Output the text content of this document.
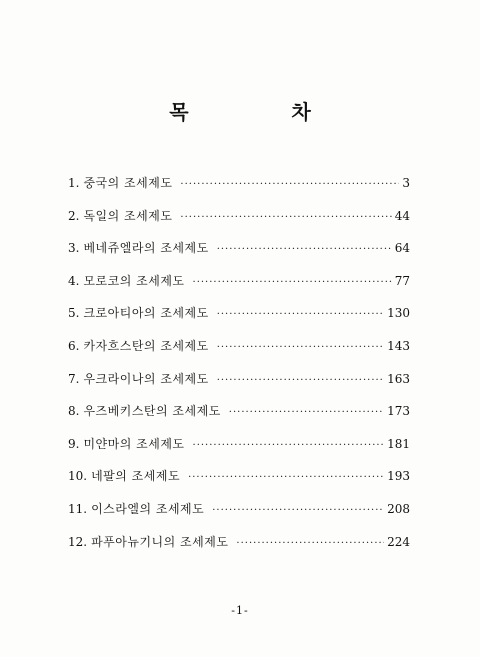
목 차
1. 중국의 조세제도 ·····	3
2. 독일의 조세제도 ·····	44
3. 베네쥬엘라의 조세제도 ·····	64
4. 모로코의 조세제도 ·····	77
5. 크로아티아의 조세제도 ·····	130
6. 카자흐스탄의 조세제도 ·····	143
7. 우크라이나의 조세제도 ·····	163
8. 우즈베키스탄의 조세제도 ·····	173
9. 미얀마의 조세제도 ·····	181
10. 네팔의 조세제도 ·····	193
11. 이스라엘의 조세제도 ·····	208
12. 파푸아뉴기니의 조세제도 ·····	224
-1-
